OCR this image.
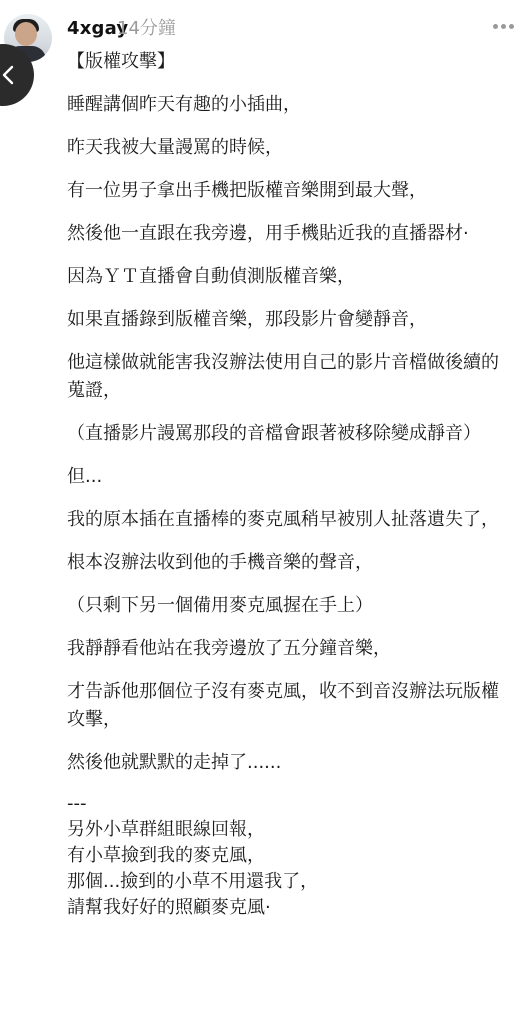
4xgay
14分鐘

【版權攻擊】

睡醒講個昨天有趣的小插曲，

昨天我被大量謾罵的時候，

有一位男子拿出手機把版權音樂開到最大聲，

然後他一直跟在我旁邊，用手機貼近我的直播器材·

因為ＹＴ直播會自動偵測版權音樂，

如果直播錄到版權音樂，那段影片會變靜音，

他這樣做就能害我沒辦法使用自己的影片音檔做後續的蒐證，

（直播影片謾罵那段的音檔會跟著被移除變成靜音）

但...

我的原本插在直播棒的麥克風稍早被別人扯落遺失了，

根本沒辦法收到他的手機音樂的聲音，

（只剩下另一個備用麥克風握在手上）

我靜靜看他站在我旁邊放了五分鐘音樂，

才告訴他那個位子沒有麥克風，收不到音沒辦法玩版權攻擊，

然後他就默默的走掉了......

---
另外小草群組眼線回報，
有小草撿到我的麥克風，
那個...撿到的小草不用還我了，
請幫我好好的照顧麥克風·
